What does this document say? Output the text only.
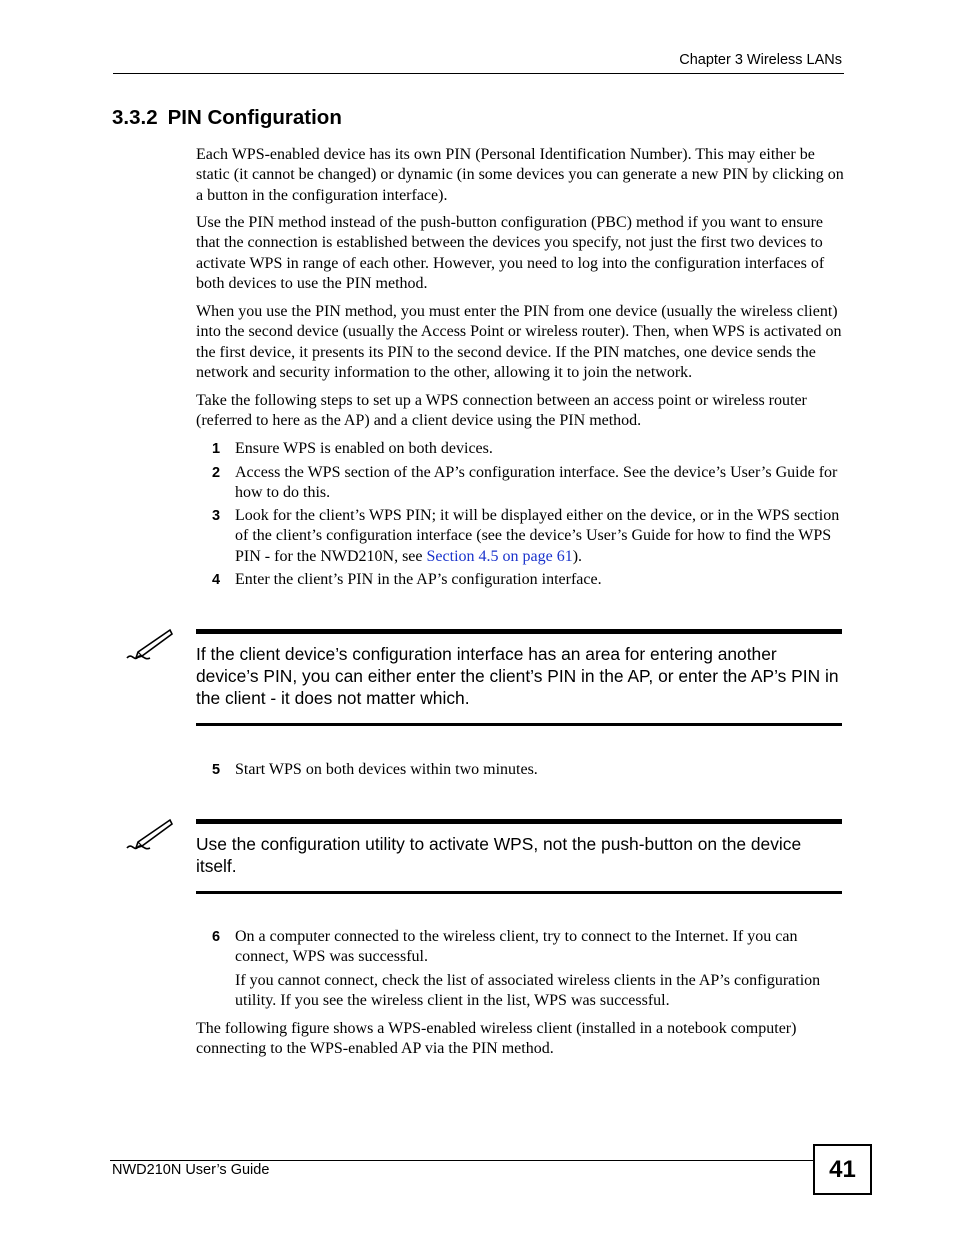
Chapter 3 Wireless LANs
3.3.2 PIN Configuration

Each WPS-enabled device has its own PIN (Personal Identification Number). This may either be static (it cannot be changed) or dynamic (in some devices you can generate a new PIN by clicking on a button in the configuration interface).

Use the PIN method instead of the push-button configuration (PBC) method if you want to ensure that the connection is established between the devices you specify, not just the first two devices to activate WPS in range of each other. However, you need to log into the configuration interfaces of both devices to use the PIN method.

When you use the PIN method, you must enter the PIN from one device (usually the wireless client) into the second device (usually the Access Point or wireless router). Then, when WPS is activated on the first device, it presents its PIN to the second device. If the PIN matches, one device sends the network and security information to the other, allowing it to join the network.

Take the following steps to set up a WPS connection between an access point or wireless router (referred to here as the AP) and a client device using the PIN method.

1 Ensure WPS is enabled on both devices.
2 Access the WPS section of the AP’s configuration interface. See the device’s User’s Guide for how to do this.
3 Look for the client’s WPS PIN; it will be displayed either on the device, or in the WPS section of the client’s configuration interface (see the device’s User’s Guide for how to find the WPS PIN - for the NWD210N, see Section 4.5 on page 61).
4 Enter the client’s PIN in the AP’s configuration interface.
If the client device’s configuration interface has an area for entering another device’s PIN, you can either enter the client’s PIN in the AP, or enter the AP’s PIN in the client - it does not matter which.
5 Start WPS on both devices within two minutes.
Use the configuration utility to activate WPS, not the push-button on the device itself.
6 On a computer connected to the wireless client, try to connect to the Internet. If you can connect, WPS was successful.
If you cannot connect, check the list of associated wireless clients in the AP’s configuration utility. If you see the wireless client in the list, WPS was successful.

The following figure shows a WPS-enabled wireless client (installed in a notebook computer) connecting to the WPS-enabled AP via the PIN method.

NWD210N User’s Guide	41
